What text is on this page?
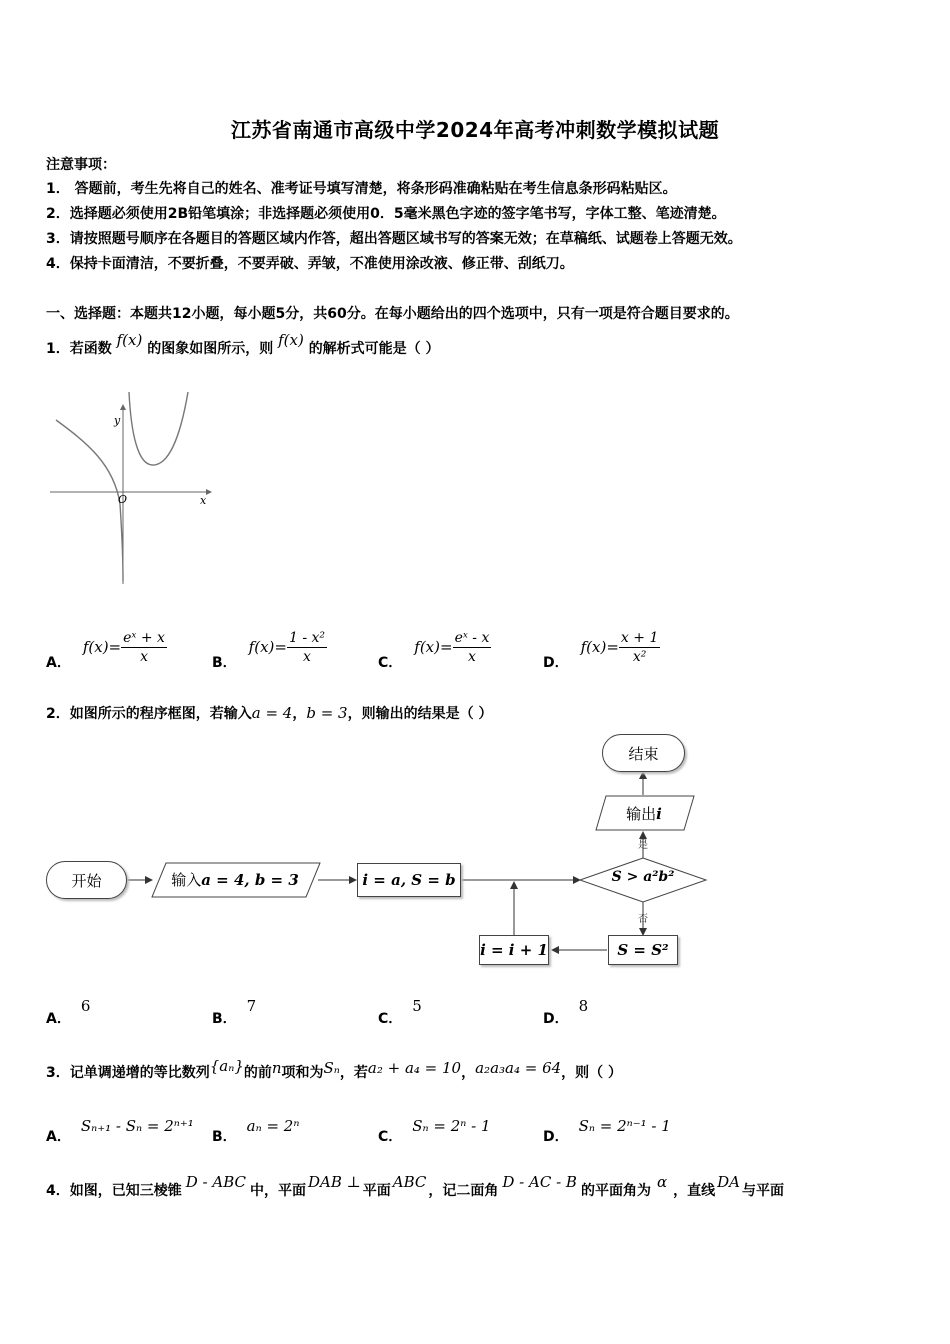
江苏省南通市高级中学2024年高考冲刺数学模拟试题
注意事项：
1． 答题前，考生先将自己的姓名、准考证号填写清楚，将条形码准确粘贴在考生信息条形码粘贴区。
2．选择题必须使用2B铅笔填涂；非选择题必须使用0．5毫米黑色字迹的签字笔书写，字体工整、笔迹清楚。
3．请按照题号顺序在各题目的答题区域内作答，超出答题区域书写的答案无效；在草稿纸、试题卷上答题无效。
4．保持卡面清洁，不要折叠，不要弄破、弄皱，不准使用涂改液、修正带、刮纸刀。
一、选择题：本题共12小题，每小题5分，共60分。在每小题给出的四个选项中，只有一项是符合题目要求的。
1．若函数 f(x) 的图象如图所示，则 f(x) 的解析式可能是（ ）
y
x
O
A．
$f(x)= \frac{\text{eˣ + x}}{x}$	B．
$f(x)= \frac{\text{1 - x²}}{x}$	C．
$f(x)= \frac{\text{eˣ - x}}{x}$	D．
$f(x)= \frac{x + 1}{\text{x²}}$
2．如图所示的程序框图，若输入a = 4，b = 3，则输出的结果是（ ）
开始	输入a = 4, b = 3	i = a, S = b	S > a²b²
输出i
结束
S = S²
i = i + 1
是
否
A．6
B．7
C．5
D．8
3．记单调递增的等比数列{aₙ}的前n项和为Sₙ，若a₂ + a₄ = 10，a₂a₃a₄ = 64，则（ ）
A．Sₙ₊₁ - Sₙ = 2ⁿ⁺¹
B．aₙ = 2ⁿ
C．Sₙ = 2ⁿ - 1
D．Sₙ = 2ⁿ⁻¹ - 1
4．如图，已知三棱锥 D - ABC 中，平面 DAB ⊥ 平面 ABC ，记二面角 D - AC - B 的平面角为 α ，直线 DA 与平面
